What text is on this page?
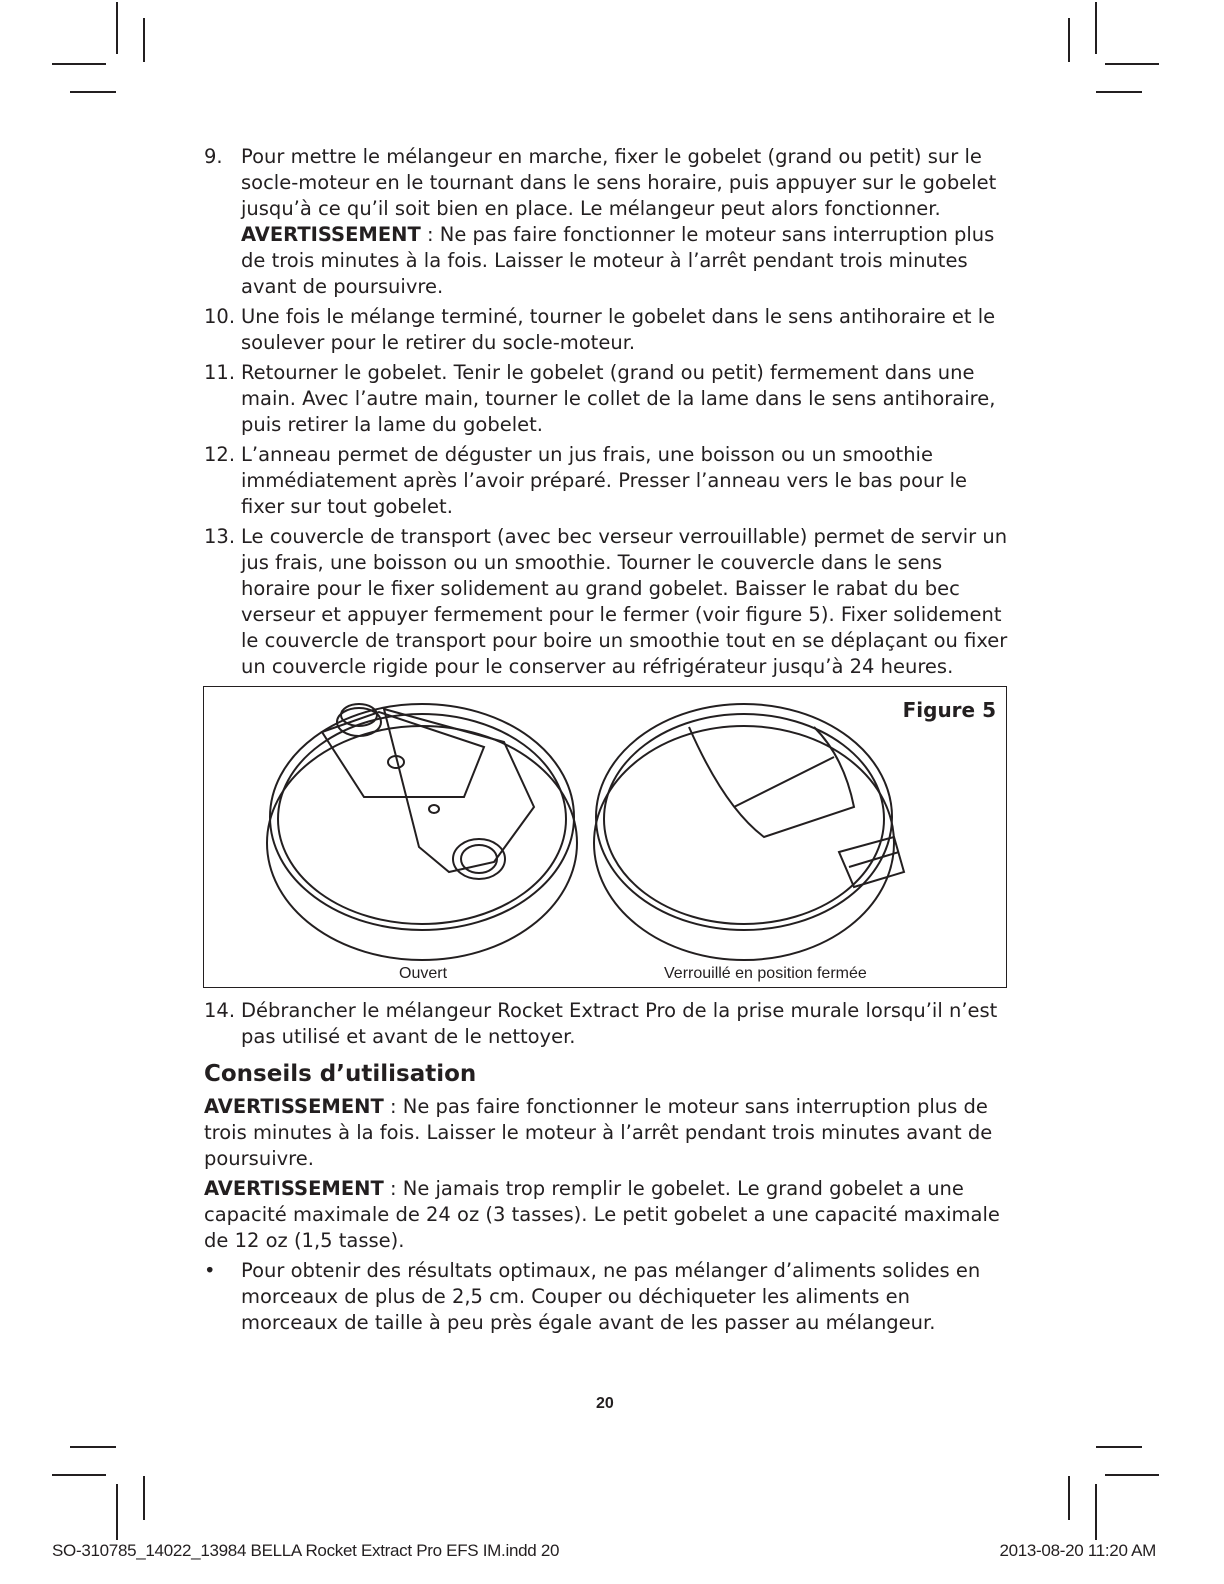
9. Pour mettre le mélangeur en marche, fixer le gobelet (grand ou petit) sur le socle-moteur en le tournant dans le sens horaire, puis appuyer sur le gobelet jusqu’à ce qu’il soit bien en place. Le mélangeur peut alors fonctionner. AVERTISSEMENT : Ne pas faire fonctionner le moteur sans interruption plus de trois minutes à la fois. Laisser le moteur à l’arrêt pendant trois minutes avant de poursuivre.
10. Une fois le mélange terminé, tourner le gobelet dans le sens antihoraire et le soulever pour le retirer du socle-moteur.
11. Retourner le gobelet. Tenir le gobelet (grand ou petit) fermement dans une main. Avec l’autre main, tourner le collet de la lame dans le sens antihoraire, puis retirer la lame du gobelet.
12. L’anneau permet de déguster un jus frais, une boisson ou un smoothie immédiatement après l’avoir préparé. Presser l’anneau vers le bas pour le fixer sur tout gobelet.
13. Le couvercle de transport (avec bec verseur verrouillable) permet de servir un jus frais, une boisson ou un smoothie. Tourner le couvercle dans le sens horaire pour le fixer solidement au grand gobelet. Baisser le rabat du bec verseur et appuyer fermement pour le fermer (voir figure 5). Fixer solidement le couvercle de transport pour boire un smoothie tout en se déplaçant ou fixer un couvercle rigide pour le conserver au réfrigérateur jusqu’à 24 heures.
Figure 5
Ouvert	Verrouillé en position fermée
14. Débrancher le mélangeur Rocket Extract Pro de la prise murale lorsqu’il n’est pas utilisé et avant de le nettoyer.
Conseils d’utilisation

AVERTISSEMENT : Ne pas faire fonctionner le moteur sans interruption plus de trois minutes à la fois. Laisser le moteur à l’arrêt pendant trois minutes avant de poursuivre.

AVERTISSEMENT : Ne jamais trop remplir le gobelet. Le grand gobelet a une capacité maximale de 24 oz (3 tasses). Le petit gobelet a une capacité maximale de 12 oz (1,5 tasse).

• Pour obtenir des résultats optimaux, ne pas mélanger d’aliments solides en morceaux de plus de 2,5 cm. Couper ou déchiqueter les aliments en morceaux de taille à peu près égale avant de les passer au mélangeur.
20
SO-310785_14022_13984 BELLA Rocket Extract Pro EFS IM.indd 20	2013-08-20 11:20 AM
